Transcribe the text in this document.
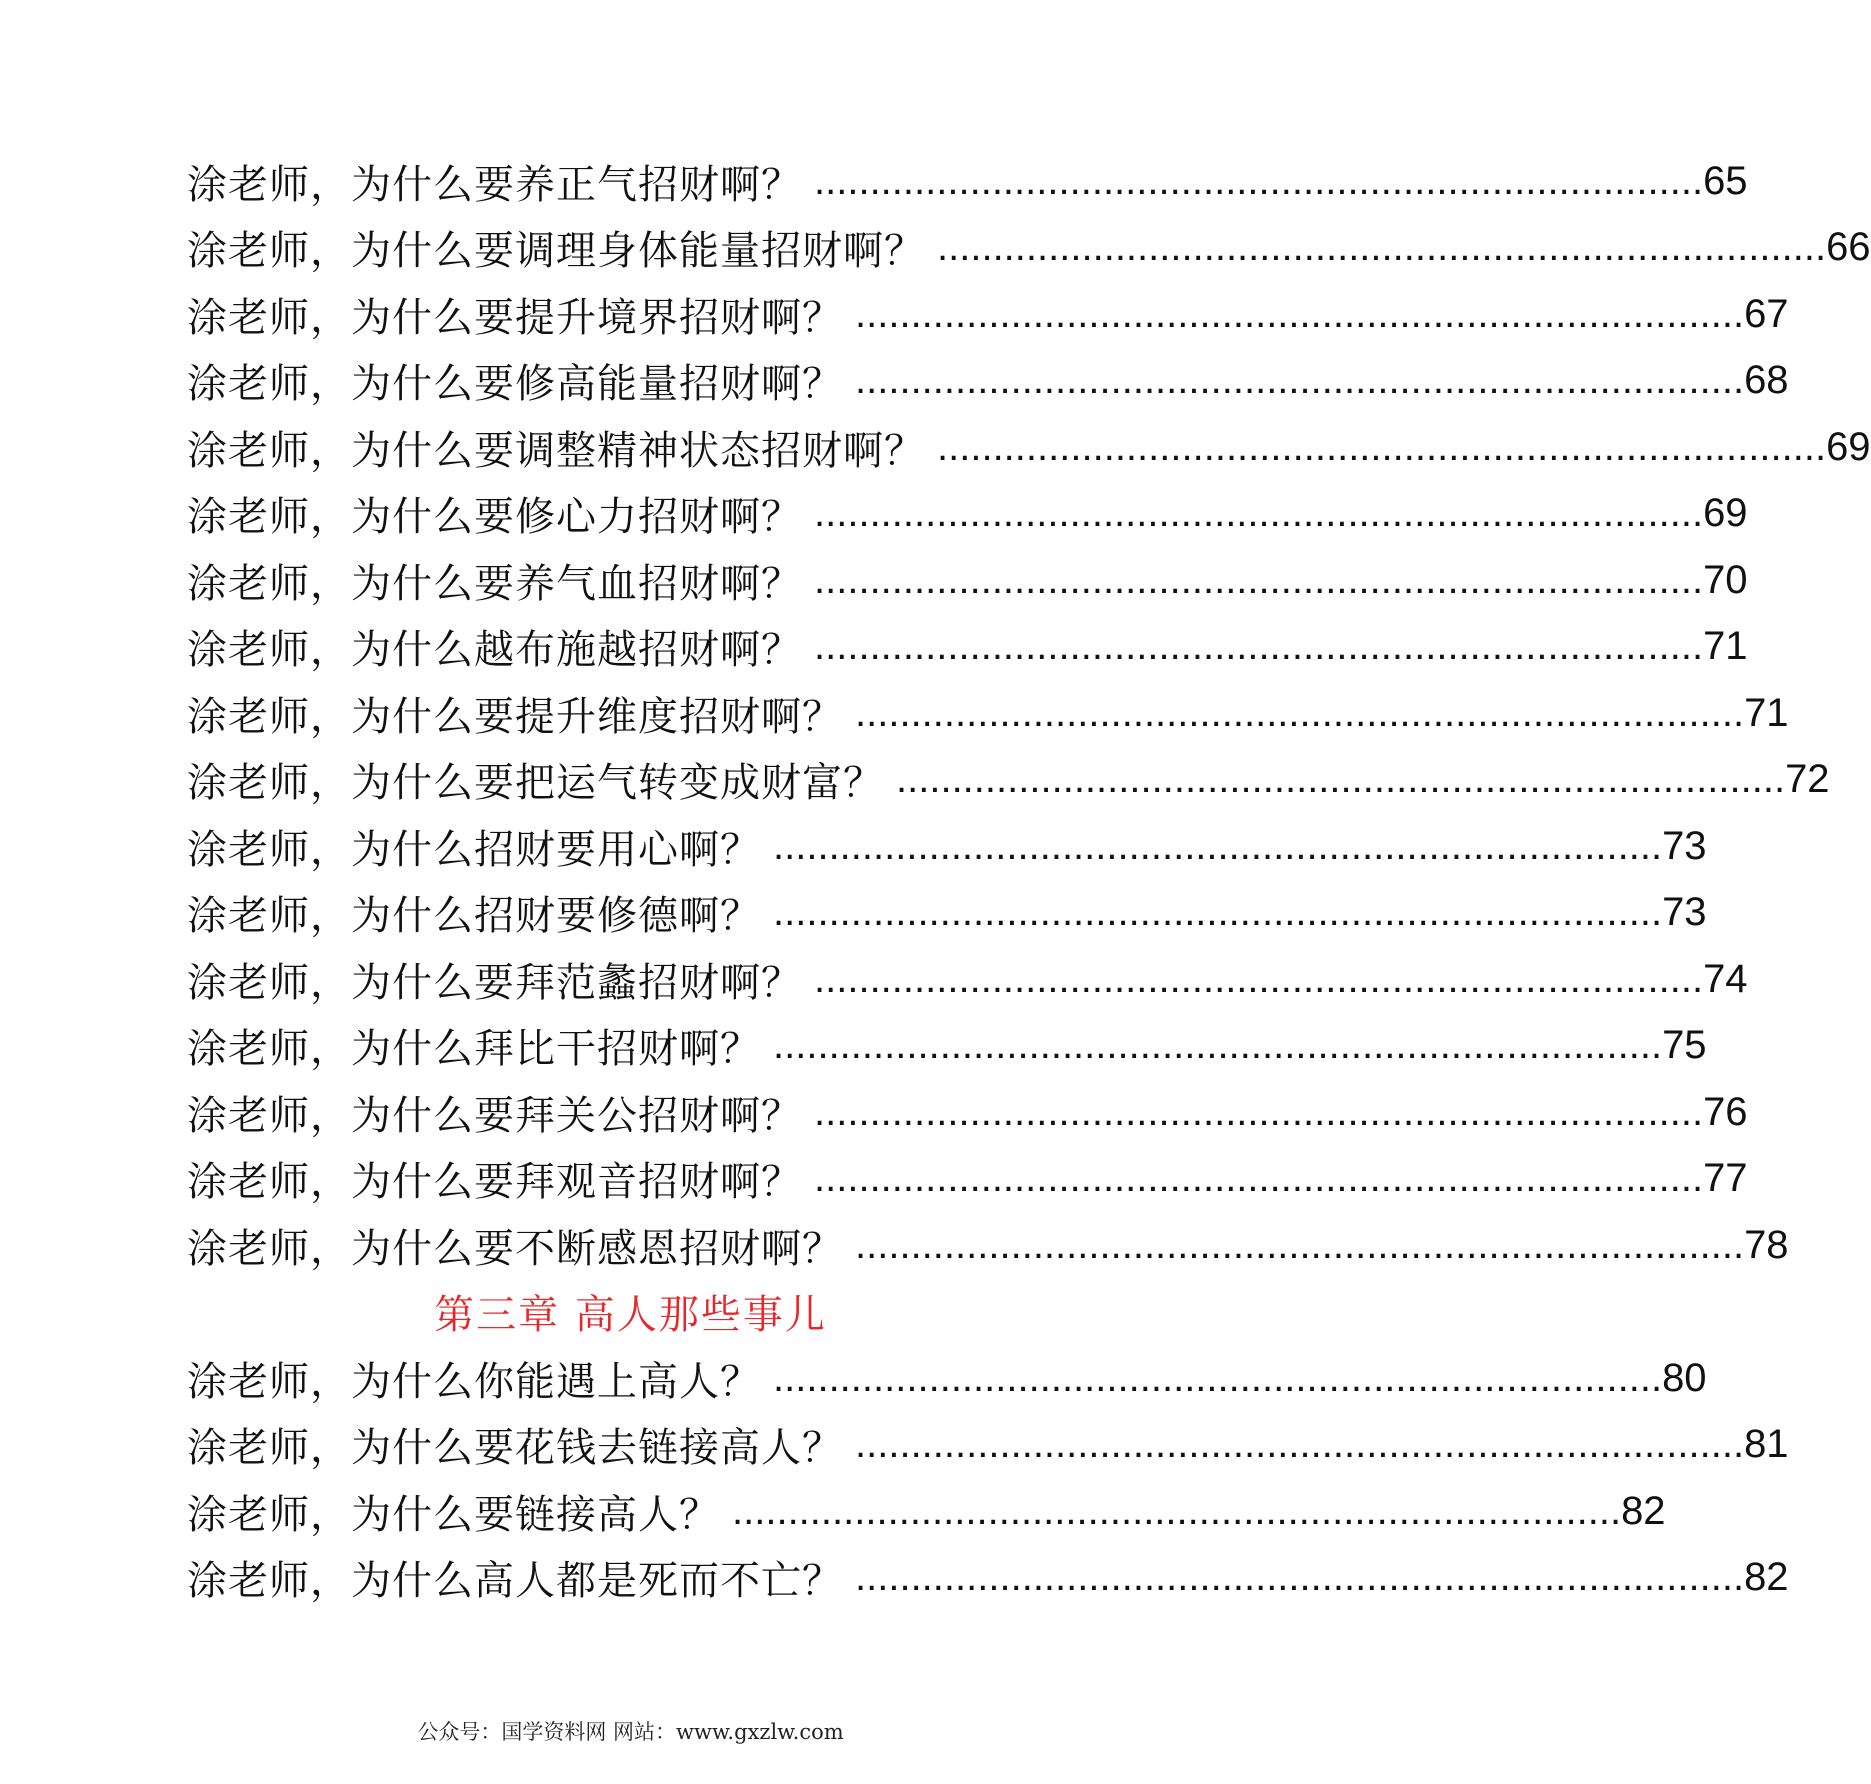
涂老师，为什么要养正气招财啊？ ................................................................................ 65
涂老师，为什么要调理身体能量招财啊？ ................................................................................ 66
涂老师，为什么要提升境界招财啊？ ................................................................................ 67
涂老师，为什么要修高能量招财啊？ ................................................................................ 68
涂老师，为什么要调整精神状态招财啊？ ................................................................................ 69
涂老师，为什么要修心力招财啊？ ................................................................................ 69
涂老师，为什么要养气血招财啊？ ................................................................................ 70
涂老师，为什么越布施越招财啊？ ................................................................................ 71
涂老师，为什么要提升维度招财啊？ ................................................................................ 71
涂老师，为什么要把运气转变成财富？ ................................................................................ 72
涂老师，为什么招财要用心啊？ ................................................................................ 73
涂老师，为什么招财要修德啊？ ................................................................................ 73
涂老师，为什么要拜范蠡招财啊？ ................................................................................ 74
涂老师，为什么拜比干招财啊？ ................................................................................ 75
涂老师，为什么要拜关公招财啊？ ................................................................................ 76
涂老师，为什么要拜观音招财啊？ ................................................................................ 77
涂老师，为什么要不断感恩招财啊？ ................................................................................ 78
第三章 高人那些事儿
涂老师，为什么你能遇上高人？ ................................................................................ 80
涂老师，为什么要花钱去链接高人？ ................................................................................ 81
涂老师，为什么要链接高人？ ................................................................................ 82
涂老师，为什么高人都是死而不亡？ ................................................................................ 82
公众号：国学资料网 网站：www.gxzlw.com
